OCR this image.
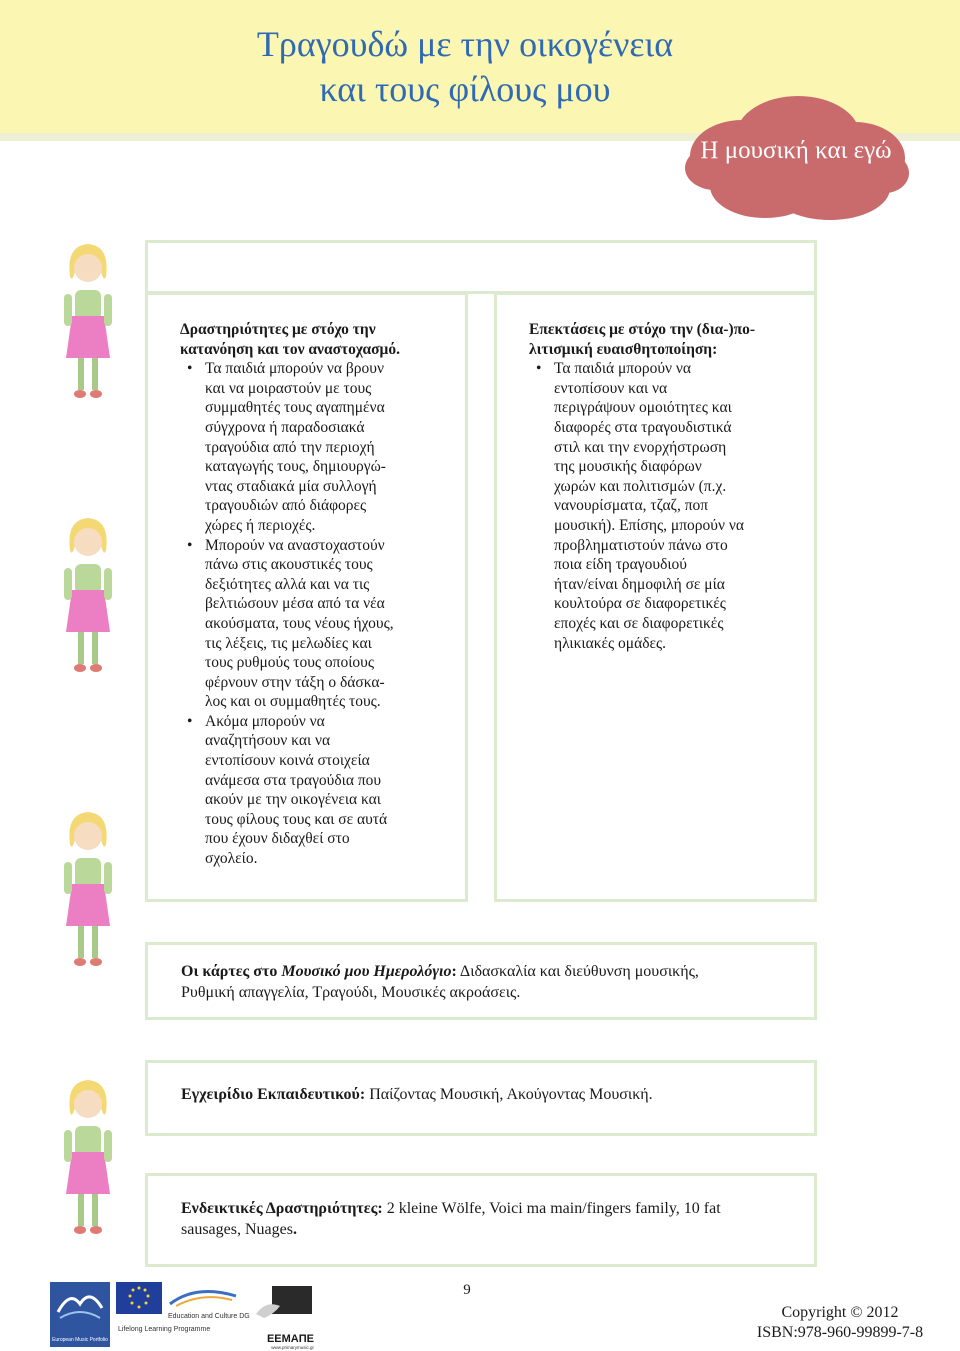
Τραγουδώ με την οικογένεια
και τους φίλους μου
Η μουσική και εγώ
Δραστηριότητες με στόχο την
κατανόηση και τον αναστοχασμό.
• Τα παιδιά μπορούν να βρουν
και να μοιραστούν με τους
συμμαθητές τους αγαπημένα
σύγχρονα ή παραδοσιακά
τραγούδια από την περιοχή
καταγωγής τους, δημιουργώ-
ντας σταδιακά μία συλλογή
τραγουδιών από διάφορες
χώρες ή περιοχές.
• Μπορούν να αναστοχαστούν
πάνω στις ακουστικές τους
δεξιότητες αλλά και να τις
βελτιώσουν μέσα από τα νέα
ακούσματα, τους νέους ήχους,
τις λέξεις, τις μελωδίες και
τους ρυθμούς τους οποίους
φέρνουν στην τάξη ο δάσκα-
λος και οι συμμαθητές τους.
• Ακόμα μπορούν να
αναζητήσουν και να
εντοπίσουν κοινά στοιχεία
ανάμεσα στα τραγούδια που
ακούν με την οικογένεια και
τους φίλους τους και σε αυτά
που έχουν διδαχθεί στο
σχολείο.
Επεκτάσεις με στόχο την (δια-)πο-
λιτισμική ευαισθητοποίηση:
• Τα παιδιά μπορούν να
εντοπίσουν και να
περιγράψουν ομοιότητες και
διαφορές στα τραγουδιστικά
στιλ και την ενορχήστρωση
της μουσικής διαφόρων
χωρών και πολιτισμών (π.χ.
νανουρίσματα, τζαζ, ποπ
μουσική). Επίσης, μπορούν να
προβληματιστούν πάνω στο
ποια είδη τραγουδιού
ήταν/είναι δημοφιλή σε μία
κουλτούρα σε διαφορετικές
εποχές και σε διαφορετικές
ηλικιακές ομάδες.
Οι κάρτες στο Μουσικό μου Ημερολόγιο: Διδασκαλία και διεύθυνση μουσικής,
Ρυθμική απαγγελία, Τραγούδι, Μουσικές ακροάσεις.
Εγχειρίδιο Εκπαιδευτικού: Παίζοντας Μουσική, Ακούγοντας Μουσική.
Ενδεικτικές Δραστηριότητες: 2 kleine Wölfe, Voici ma main/fingers family, 10 fat
sausages, Nuages.
9
European Music Portfolio
Lifelong Learning Programme
Education and Culture DG
ΕΕΜΑΠΕ
www.primarymusic.gr
Copyright © 2012
ISBN:978-960-99899-7-8
